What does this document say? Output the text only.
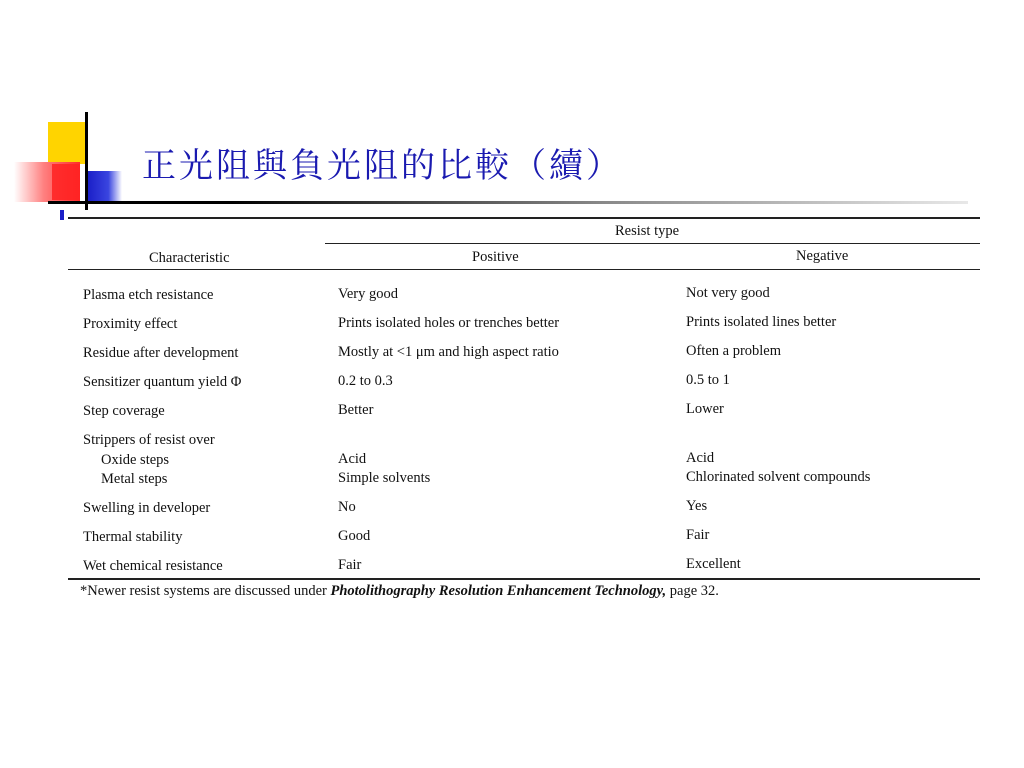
正光阻與負光阻的比較（續）
Resist type
Characteristic	Positive	Negative
Plasma etch resistance	Very good	Not very good
Proximity effect	Prints isolated holes or trenches better	Prints isolated lines better
Residue after development	Mostly at <1 μm and high aspect ratio	Often a problem
Sensitizer quantum yield Φ	0.2 to 0.3	0.5 to 1
Step coverage	Better	Lower
Strippers of resist over
Oxide steps	Acid	Acid
Metal steps	Simple solvents	Chlorinated solvent compounds
Swelling in developer	No	Yes
Thermal stability	Good	Fair
Wet chemical resistance	Fair	Excellent
*Newer resist systems are discussed under Photolithography Resolution Enhancement Technology, page 32.
